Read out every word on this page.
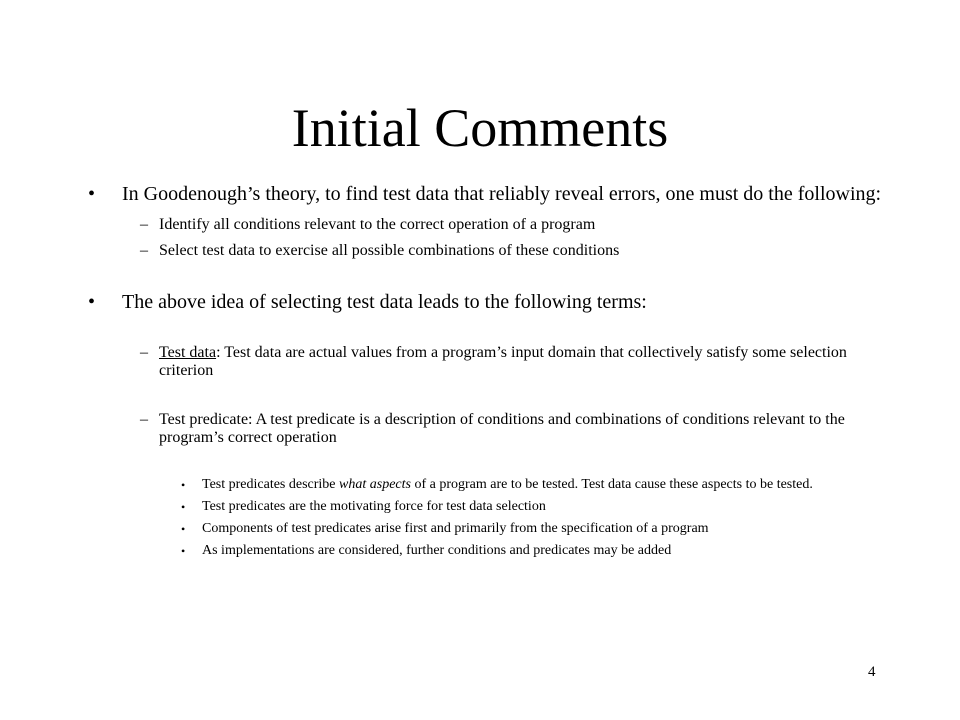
Initial Comments
• In Goodenough’s theory, to find test data that reliably reveal errors, one must do the following:
– Identify all conditions relevant to the correct operation of a program
– Select test data to exercise all possible combinations of these conditions
• The above idea of selecting test data leads to the following terms:
– Test data: Test data are actual values from a program’s input domain that collectively satisfy some selection criterion
– Test predicate: A test predicate is a description of conditions and combinations of conditions relevant to the program’s correct operation
• Test predicates describe what aspects of a program are to be tested. Test data cause these aspects to be tested.
• Test predicates are the motivating force for test data selection
• Components of test predicates arise first and primarily from the specification of a program
• As implementations are considered, further conditions and predicates may be added
4
